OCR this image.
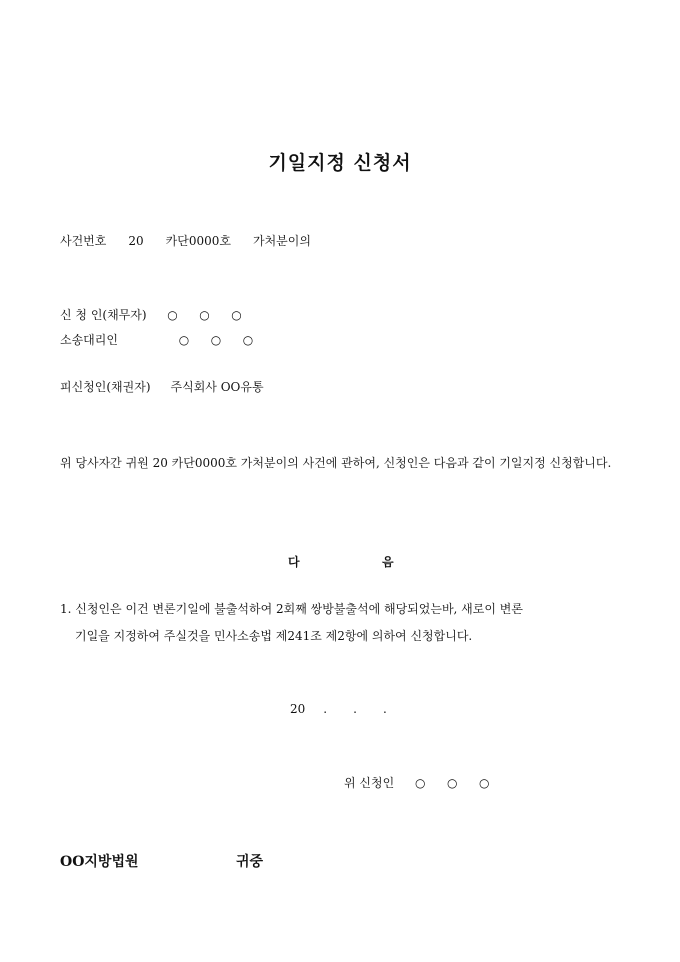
기일지정 신청서
사건번호 20 카단0000호 가처분이의
신 청 인(채무자) ○ ○ ○
소송대리인	○ ○ ○
피신청인(채권자) 주식회사 OO유통
위 당사자간 귀원 20 카단0000호 가처분이의 사건에 관하여, 신청인은 다음과 같이 기일지정 신청합니다.
다	음
1. 신청인은 이건 변론기일에 불출석하여 2회째 쌍방불출석에 해당되었는바, 새로이 변론
기일을 지정하여 주실것을 민사소송법 제241조 제2항에 의하여 신청합니다.
20 . . .
위 신청인 ○ ○ ○
OO지방법원	귀중
